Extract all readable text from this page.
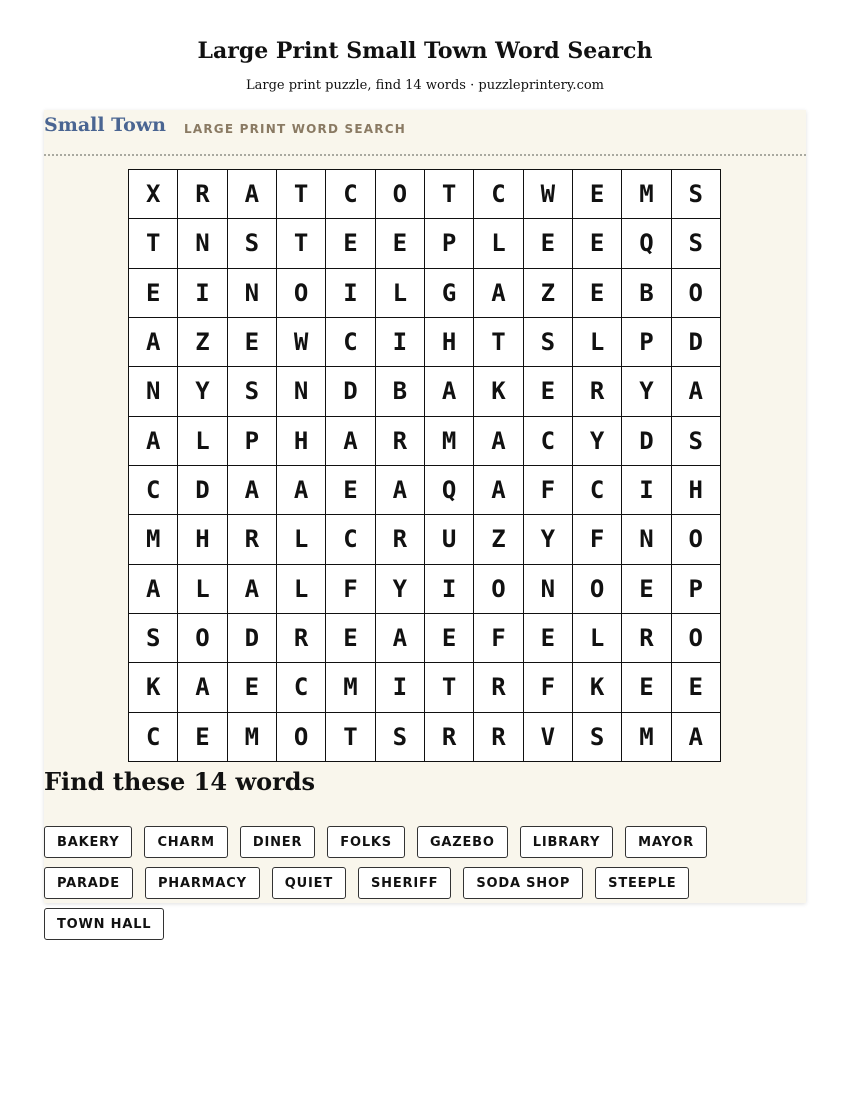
Large Print Small Town Word Search
Large print puzzle, find 14 words · puzzleprintery.com
Small Town LARGE PRINT WORD SEARCH
X	R	A	T	C	O	T	C	W	E	M	S
T	N	S	T	E	E	P	L	E	E	Q	S
E	I	N	O	I	L	G	A	Z	E	B	O
A	Z	E	W	C	I	H	T	S	L	P	D
N	Y	S	N	D	B	A	K	E	R	Y	A
A	L	P	H	A	R	M	A	C	Y	D	S
C	D	A	A	E	A	Q	A	F	C	I	H
M	H	R	L	C	R	U	Z	Y	F	N	O
A	L	A	L	F	Y	I	O	N	O	E	P
S	O	D	R	E	A	E	F	E	L	R	O
K	A	E	C	M	I	T	R	F	K	E	E
C	E	M	O	T	S	R	R	V	S	M	A
Find these 14 words
BAKERY	CHARM	DINER	FOLKS	GAZEBO	LIBRARY	MAYOR
PARADE	PHARMACY	QUIET	SHERIFF	SODA SHOP	STEEPLE
TOWN HALL
